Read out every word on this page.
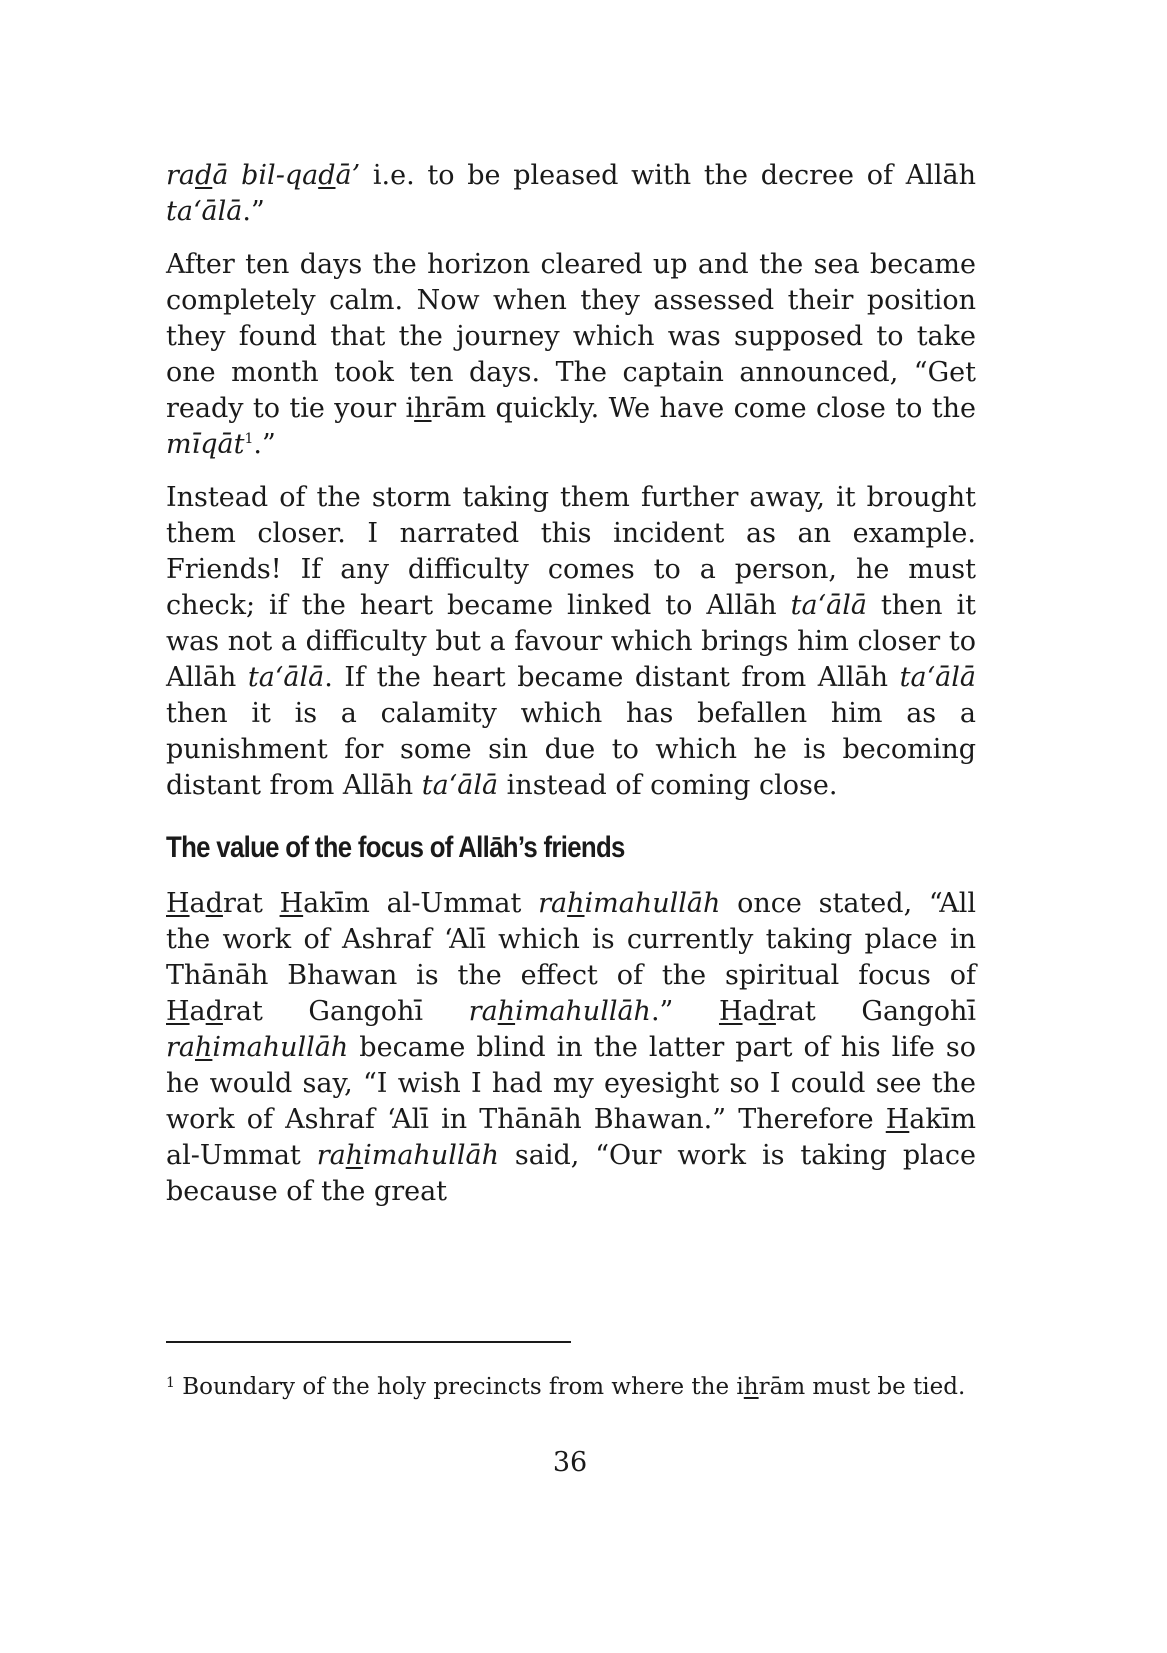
radā bil-qadā’ i.e. to be pleased with the decree of Allāh ta‘ālā.”

After ten days the horizon cleared up and the sea became completely calm. Now when they assessed their position they found that the journey which was supposed to take one month took ten days. The captain announced, “Get ready to tie your ihrām quickly. We have come close to the mīqāt$^1$.”

Instead of the storm taking them further away, it brought them closer. I narrated this incident as an example. Friends! If any difficulty comes to a person, he must check; if the heart became linked to Allāh ta‘ālā then it was not a difficulty but a favour which brings him closer to Allāh ta‘ālā. If the heart became distant from Allāh ta‘ālā then it is a calamity which has befallen him as a punishment for some sin due to which he is becoming distant from Allāh ta‘ālā instead of coming close.

The value of the focus of Allāh’s friends

Hadrat Hakīm al-Ummat rahimahullāh once stated, “All the work of Ashraf ‘Alī which is currently taking place in Thānāh Bhawan is the effect of the spiritual focus of Hadrat Gangohī rahimahullāh.” Hadrat Gangohī rahimahullāh became blind in the latter part of his life so he would say, “I wish I had my eyesight so I could see the work of Ashraf ‘Alī in Thānāh Bhawan.” Therefore Hakīm al-Ummat rahimahullāh said, “Our work is taking place because of the great

$^1$ Boundary of the holy precincts from where the ihrām must be tied.
36
